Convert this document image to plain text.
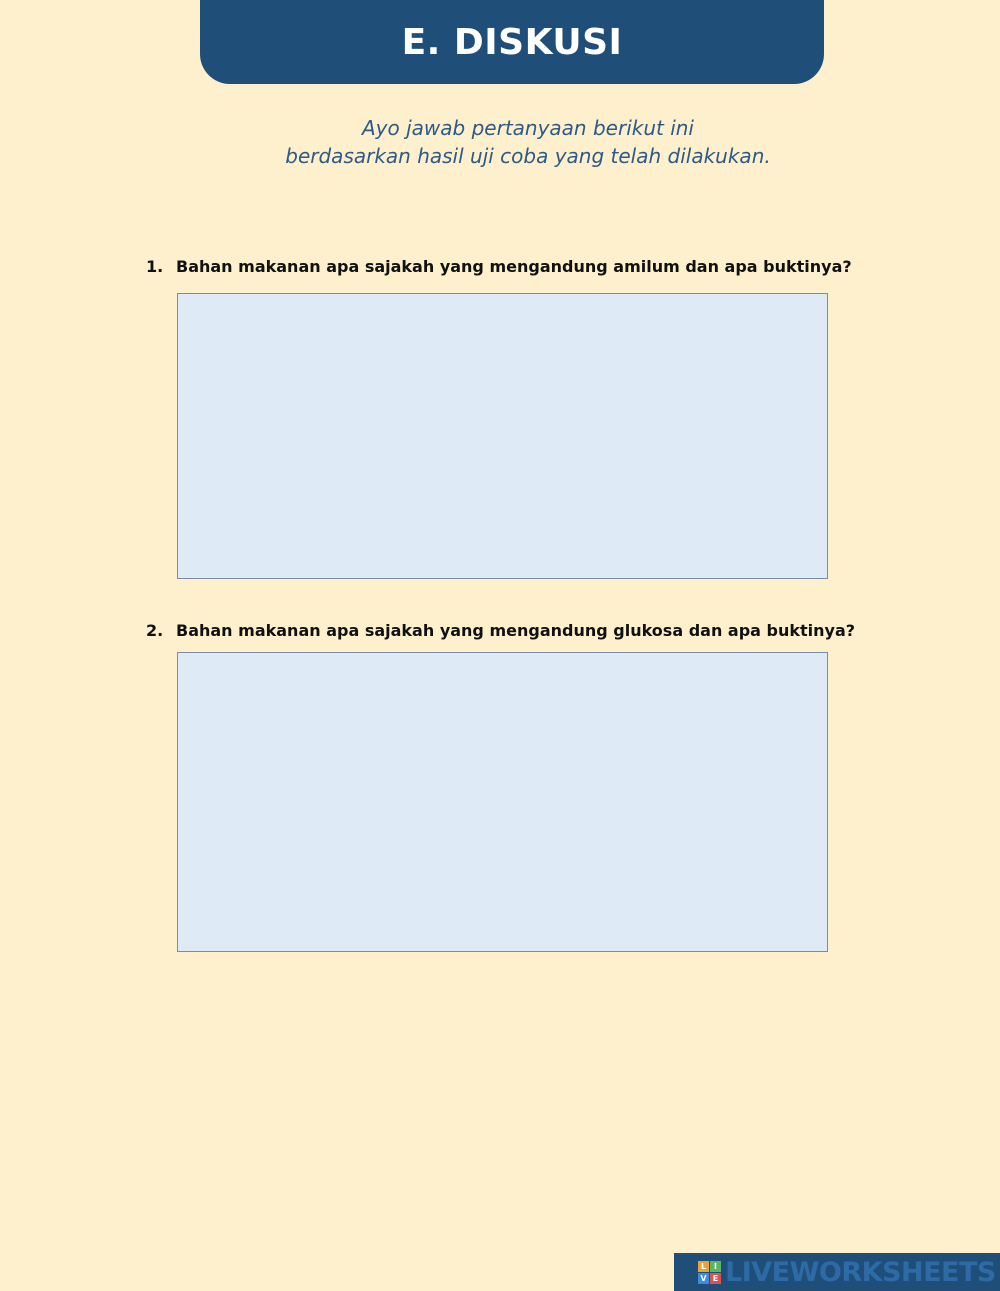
E. DISKUSI
Ayo jawab pertanyaan berikut ini
berdasarkan hasil uji coba yang telah dilakukan.
1. Bahan makanan apa sajakah yang mengandung amilum dan apa buktinya?
2. Bahan makanan apa sajakah yang mengandung glukosa dan apa buktinya?
L I
V E LIVEWORKSHEETS
